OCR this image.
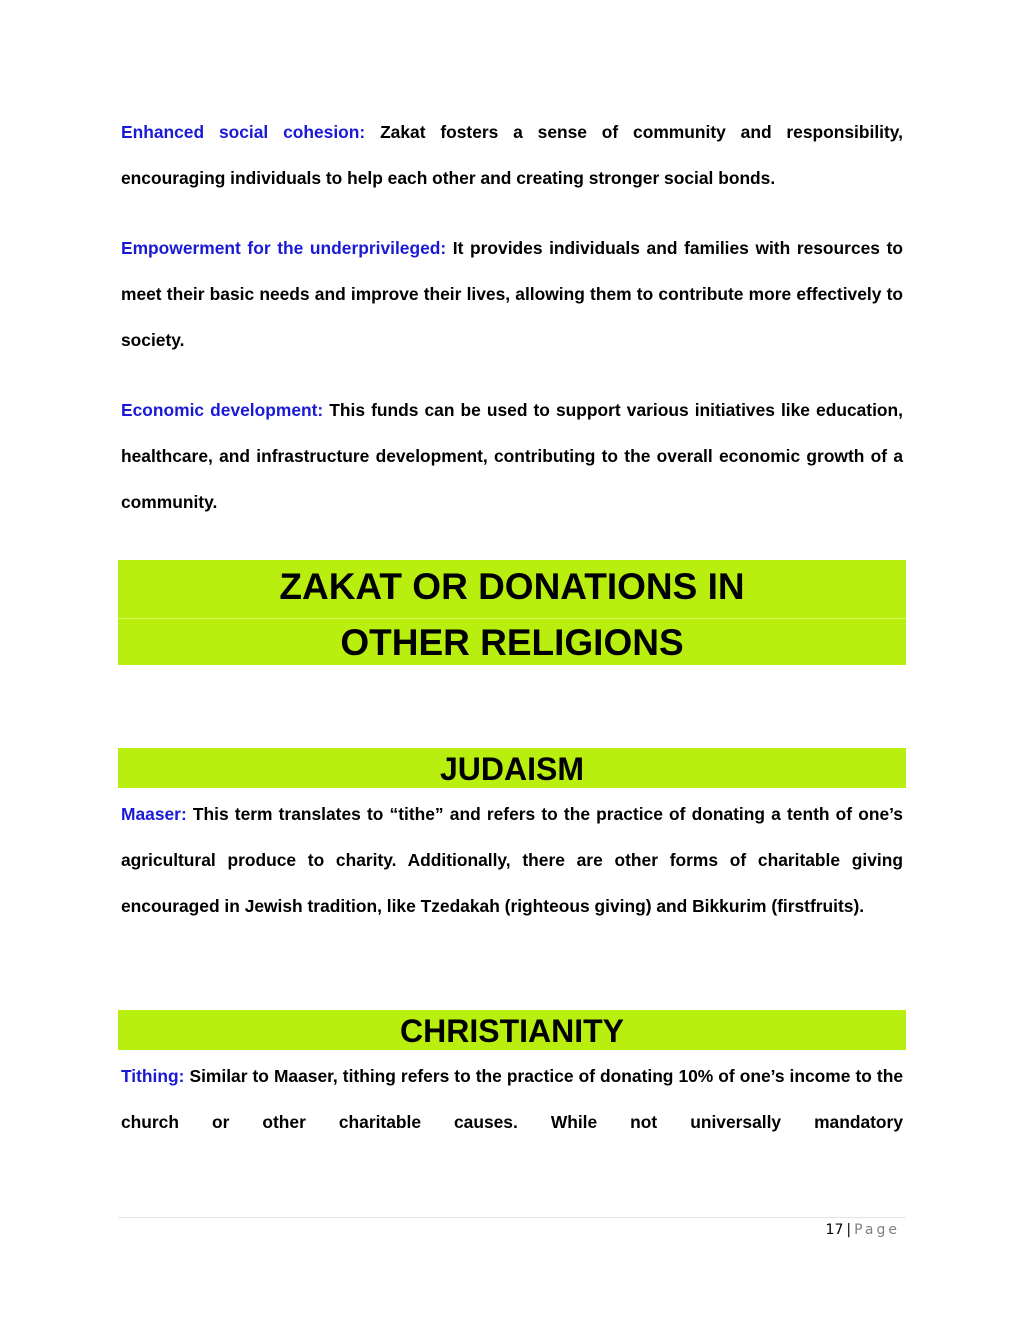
Enhanced social cohesion: Zakat fosters a sense of community and responsibility, encouraging individuals to help each other and creating stronger social bonds.

Empowerment for the underprivileged: It provides individuals and families with resources to meet their basic needs and improve their lives, allowing them to contribute more effectively to society.

Economic development: This funds can be used to support various initiatives like education, healthcare, and infrastructure development, contributing to the overall economic growth of a community.

ZAKAT OR DONATIONS IN
OTHER RELIGIONS
JUDAISM

Maaser: This term translates to “tithe” and refers to the practice of donating a tenth of one’s agricultural produce to charity. Additionally, there are other forms of charitable giving encouraged in Jewish tradition, like Tzedakah (righteous giving) and Bikkurim (firstfruits).

CHRISTIANITY

Tithing: Similar to Maaser, tithing refers to the practice of donating 10% of one’s income to the church or other charitable causes. While not universally mandatory

17 | Page
